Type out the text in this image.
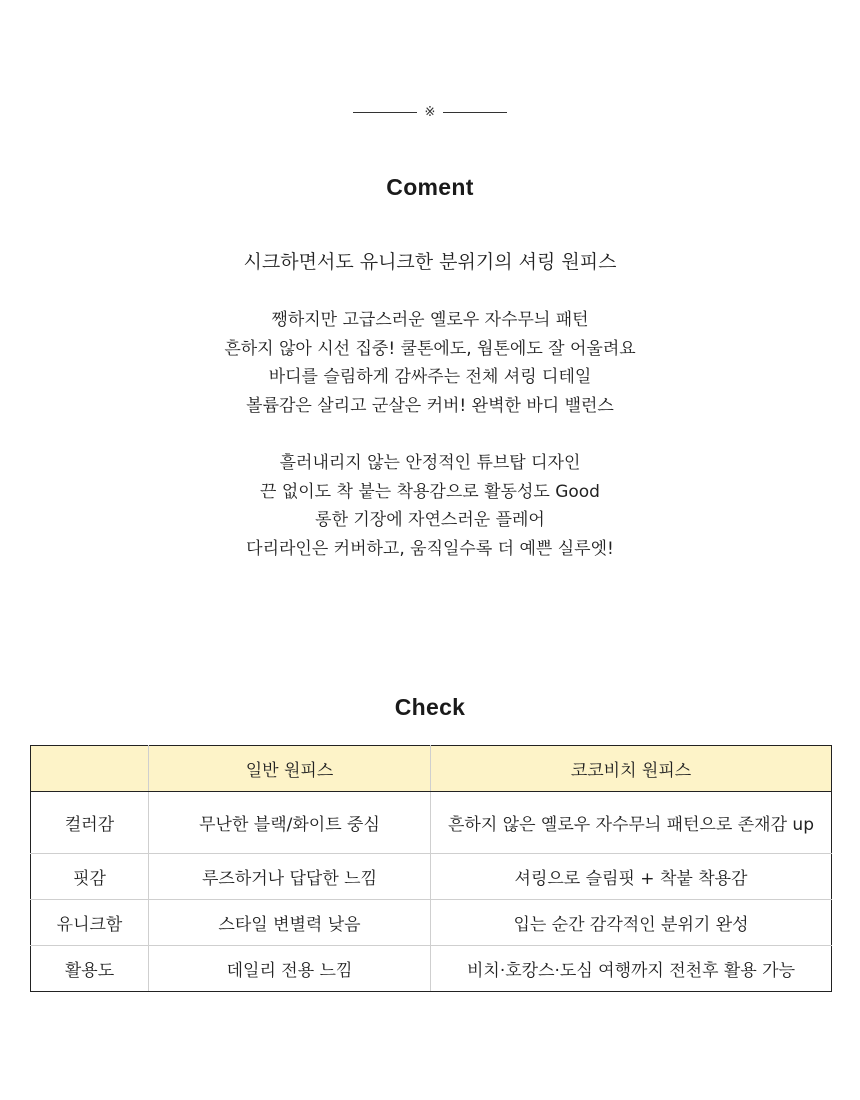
※
Coment
시크하면서도 유니크한 분위기의 셔링 원피스
쨍하지만 고급스러운 옐로우 자수무늬 패턴
흔하지 않아 시선 집중! 쿨톤에도, 웜톤에도 잘 어울려요
바디를 슬림하게 감싸주는 전체 셔링 디테일
볼륨감은 살리고 군살은 커버! 완벽한 바디 밸런스
흘러내리지 않는 안정적인 튜브탑 디자인
끈 없이도 착 붙는 착용감으로 활동성도 Good
롱한 기장에 자연스러운 플레어
다리라인은 커버하고, 움직일수록 더 예쁜 실루엣!
Check
	일반 원피스	코코비치 원피스
컬러감	무난한 블랙/화이트 중심	흔하지 않은 옐로우 자수무늬 패턴으로 존재감 up
핏감	루즈하거나 답답한 느낌	셔링으로 슬림핏 + 착붙 착용감
유니크함	스타일 변별력 낮음	입는 순간 감각적인 분위기 완성
활용도	데일리 전용 느낌	비치·호캉스·도심 여행까지 전천후 활용 가능
